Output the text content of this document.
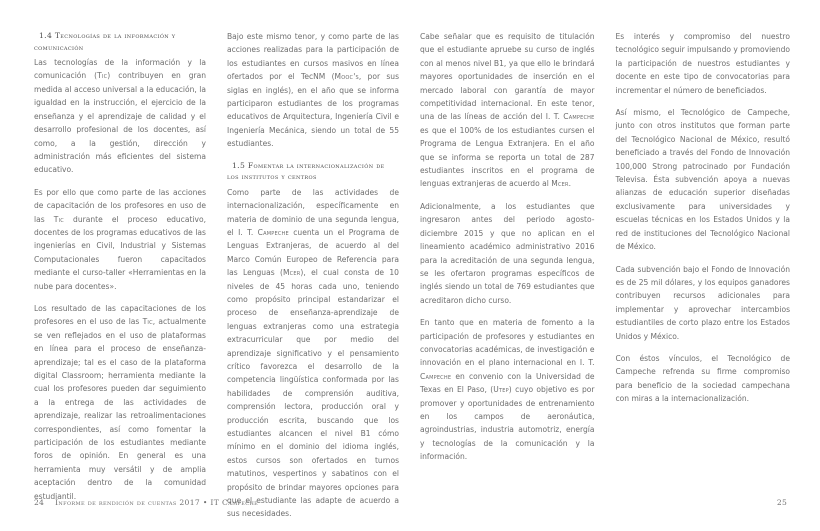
1.4 Tecnologías de la información y comunicación

Las tecnologías de la información y la comunicación (Tic) contribuyen en gran medida al acceso universal a la educación, la igualdad en la instrucción, el ejercicio de la enseñanza y el aprendizaje de calidad y el desarrollo profesional de los docentes, así como, a la gestión, dirección y administración más eficientes del sistema educativo.

Es por ello que como parte de las acciones de capacitación de los profesores en uso de las Tic durante el proceso educativo, docentes de los programas educativos de las ingenierías en Civil, Industrial y Sistemas Computacionales fueron capacitados mediante el curso-taller «Herramientas en la nube para docentes».

Los resultado de las capacitaciones de los profesores en el uso de las Tic, actualmente se ven reflejados en el uso de plataformas en línea para el proceso de enseñanza-aprendizaje; tal es el caso de la plataforma digital Classroom; herramienta mediante la cual los profesores pueden dar seguimiento a la entrega de las actividades de aprendizaje, realizar las retroalimentaciones correspondientes, así como fomentar la participación de los estudiantes mediante foros de opinión. En general es una herramienta muy versátil y de amplia aceptación dentro de la comunidad estudiantil.

Bajo este mismo tenor, y como parte de las acciones realizadas para la participación de los estudiantes en cursos masivos en línea ofertados por el TecNM (Mooc's, por sus siglas en inglés), en el año que se informa participaron estudiantes de los programas educativos de Arquitectura, Ingeniería Civil e Ingeniería Mecánica, siendo un total de 55 estudiantes.

1.5 Fomentar la internacionalización de los institutos y centros

Como parte de las actividades de internacionalización, específicamente en materia de dominio de una segunda lengua, el I. T. Campeche cuenta un el Programa de Lenguas Extranjeras, de acuerdo al del Marco Común Europeo de Referencia para las Lenguas (Mcer), el cual consta de 10 niveles de 45 horas cada uno, teniendo como propósito principal estandarizar el proceso de enseñanza-aprendizaje de lenguas extranjeras como una estrategia extracurricular que por medio del aprendizaje significativo y el pensamiento crítico favorezca el desarrollo de la competencia lingüística conformada por las habilidades de comprensión auditiva, comprensión lectora, producción oral y producción escrita, buscando que los estudiantes alcancen el nivel B1 cómo mínimo en el dominio del idioma inglés, estos cursos son ofertados en turnos matutinos, vespertinos y sabatinos con el propósito de brindar mayores opciones para que el estudiante las adapte de acuerdo a sus necesidades.

24 Informe de rendición de cuentas 2017 • IT Campeche

Cabe señalar que es requisito de titulación que el estudiante apruebe su curso de inglés con al menos nivel B1, ya que ello le brindará mayores oportunidades de inserción en el mercado laboral con garantía de mayor competitividad internacional. En este tenor, una de las líneas de acción del I. T. Campeche es que el 100% de los estudiantes cursen el Programa de Lengua Extranjera. En el año que se informa se reporta un total de 287 estudiantes inscritos en el programa de lenguas extranjeras de acuerdo al Mcer.

Adicionalmente, a los estudiantes que ingresaron antes del periodo agosto-diciembre 2015 y que no aplican en el lineamiento académico administrativo 2016 para la acreditación de una segunda lengua, se les ofertaron programas específicos de inglés siendo un total de 769 estudiantes que acreditaron dicho curso.

En tanto que en materia de fomento a la participación de profesores y estudiantes en convocatorias académicas, de investigación e innovación en el plano internacional en I. T. Campeche en convenio con la Universidad de Texas en El Paso, (Utep) cuyo objetivo es por promover y oportunidades de entrenamiento en los campos de aeronáutica, agroindustrias, industria automotriz, energía y tecnologías de la comunicación y la información.

Es interés y compromiso del nuestro tecnológico seguir impulsando y promoviendo la participación de nuestros estudiantes y docente en este tipo de convocatorias para incrementar el número de beneficiados.

Así mismo, el Tecnológico de Campeche, junto con otros institutos que forman parte del Tecnológico Nacional de México, resultó beneficiado a través del Fondo de Innovación 100,000 Strong patrocinado por Fundación Televisa. Ésta subvención apoya a nuevas alianzas de educación superior diseñadas exclusivamente para universidades y escuelas técnicas en los Estados Unidos y la red de instituciones del Tecnológico Nacional de México.

Cada subvención bajo el Fondo de Innovación es de 25 mil dólares, y los equipos ganadores contribuyen recursos adicionales para implementar y aprovechar intercambios estudiantiles de corto plazo entre los Estados Unidos y México.

Con éstos vínculos, el Tecnológico de Campeche refrenda su firme compromiso para beneficio de la sociedad campechana con miras a la internacionalización.

25
